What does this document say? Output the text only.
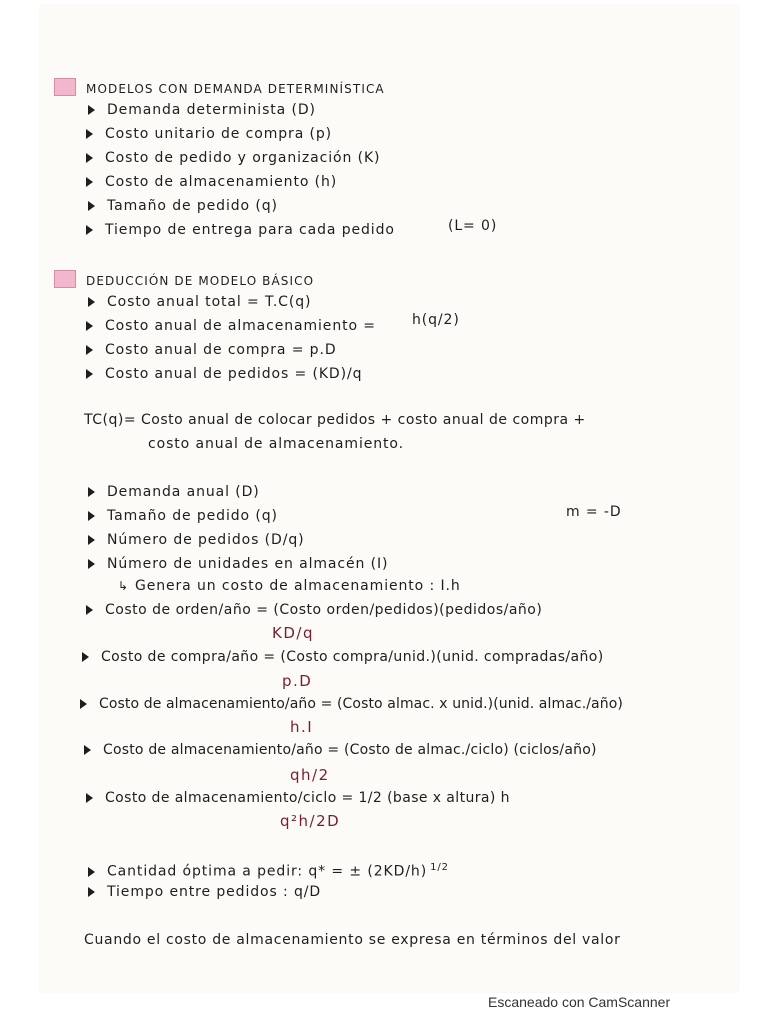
MODELOS CON DEMANDA DETERMINÍSTICA
Demanda determinista (D)
Costo unitario de compra (p)
Costo de pedido y organización (K)
Costo de almacenamiento (h)
Tamaño de pedido (q)
Tiempo de entrega para cada pedido	(L= 0)
DEDUCCIÓN DE MODELO BÁSICO
Costo anual total = T.C(q)
Costo anual de almacenamiento =	h(q/2)
Costo anual de compra = p.D
Costo anual de pedidos = (KD)/q
TC(q)= Costo anual de colocar pedidos + costo anual de compra +
costo anual de almacenamiento.
Demanda anual (D)
Tamaño de pedido (q)	m = -D
Número de pedidos (D/q)
Número de unidades en almacén (I)
↳ Genera un costo de almacenamiento : I.h
Costo de orden/año = (Costo orden/pedidos)(pedidos/año)
KD/q
Costo de compra/año = (Costo compra/unid.)(unid. compradas/año)
p.D
Costo de almacenamiento/año = (Costo almac. x unid.)(unid. almac./año)
h.I
Costo de almacenamiento/año = (Costo de almac./ciclo) (ciclos/año)
qh/2
Costo de almacenamiento/ciclo = 1/2 (base x altura) h
q²h/2D
Cantidad óptima a pedir: q* = ± (2KD/h) $^{1/2}$
Tiempo entre pedidos : q/D
Cuando el costo de almacenamiento se expresa en términos del valor
Escaneado con CamScanner
